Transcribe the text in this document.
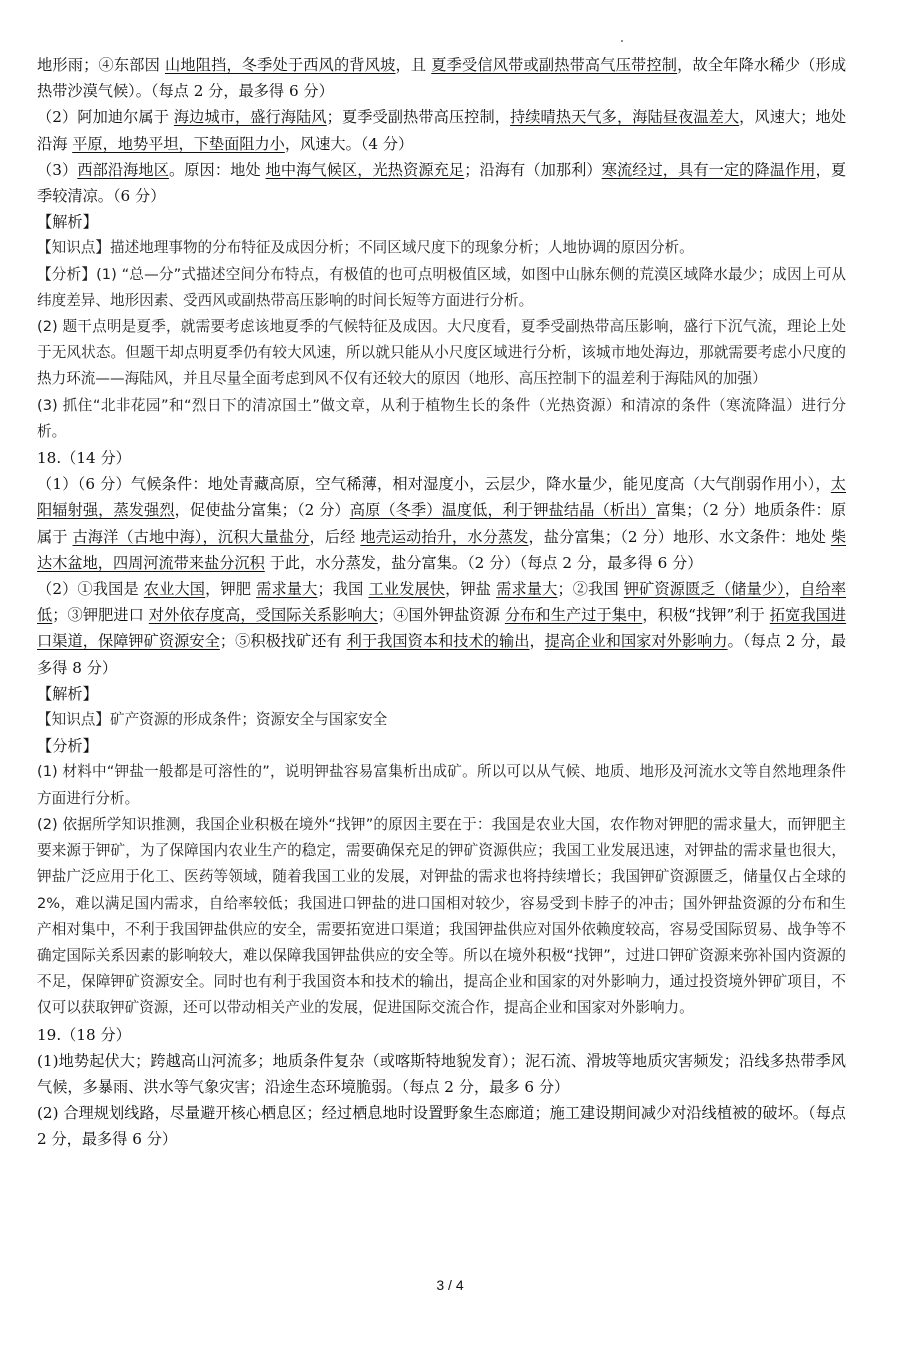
地形雨；④东部因 山地阻挡，冬季处于西风的背风坡，且 夏季受信风带或副热带高气压带控制，故全年降水稀少（形成热带沙漠气候）。（每点 2 分，最多得 6 分）
（2）阿加迪尔属于 海边城市，盛行海陆风；夏季受副热带高压控制，持续晴热天气多，海陆昼夜温差大，风速大；地处沿海 平原，地势平坦，下垫面阻力小，风速大。（4 分）
（3）西部沿海地区。原因：地处 地中海气候区，光热资源充足；沿海有（加那利）寒流经过，具有一定的降温作用，夏季较清凉。（6 分）
【解析】
【知识点】描述地理事物的分布特征及成因分析；不同区域尺度下的现象分析；人地协调的原因分析。
【分析】(1) “总—分”式描述空间分布特点，有极值的也可点明极值区域，如图中山脉东侧的荒漠区域降水最少；成因上可从纬度差异、地形因素、受西风或副热带高压影响的时间长短等方面进行分析。
(2) 题干点明是夏季，就需要考虑该地夏季的气候特征及成因。大尺度看，夏季受副热带高压影响，盛行下沉气流，理论上处于无风状态。但题干却点明夏季仍有较大风速，所以就只能从小尺度区域进行分析，该城市地处海边，那就需要考虑小尺度的热力环流——海陆风，并且尽量全面考虑到风不仅有还较大的原因（地形、高压控制下的温差利于海陆风的加强）
(3) 抓住“北非花园”和“烈日下的清凉国土”做文章，从利于植物生长的条件（光热资源）和清凉的条件（寒流降温）进行分析。
18.（14 分）
（1）（6 分）气候条件：地处青藏高原，空气稀薄，相对湿度小，云层少，降水量少，能见度高（大气削弱作用小），太阳辐射强，蒸发强烈，促使盐分富集；（2 分）高原（冬季）温度低，利于钾盐结晶（析出）富集；（2 分）地质条件：原属于 古海洋（古地中海），沉积大量盐分，后经 地壳运动抬升，水分蒸发，盐分富集；（2 分）地形、水文条件：地处 柴达木盆地，四周河流带来盐分沉积 于此，水分蒸发，盐分富集。（2 分）（每点 2 分，最多得 6 分）
（2）①我国是 农业大国，钾肥 需求量大；我国 工业发展快，钾盐 需求量大；②我国 钾矿资源匮乏（储量少），自给率低；③钾肥进口 对外依存度高，受国际关系影响大；④国外钾盐资源 分布和生产过于集中，积极“找钾”利于 拓宽我国进口渠道，保障钾矿资源安全；⑤积极找矿还有 利于我国资本和技术的输出，提高企业和国家对外影响力。（每点 2 分，最多得 8 分）
【解析】
【知识点】矿产资源的形成条件；资源安全与国家安全
【分析】
(1) 材料中“钾盐一般都是可溶性的”，说明钾盐容易富集析出成矿。所以可以从气候、地质、地形及河流水文等自然地理条件方面进行分析。
(2) 依据所学知识推测，我国企业积极在境外“找钾”的原因主要在于：我国是农业大国，农作物对钾肥的需求量大，而钾肥主要来源于钾矿，为了保障国内农业生产的稳定，需要确保充足的钾矿资源供应；我国工业发展迅速，对钾盐的需求量也很大，钾盐广泛应用于化工、医药等领域，随着我国工业的发展，对钾盐的需求也将持续增长；我国钾矿资源匮乏，储量仅占全球的 2%，难以满足国内需求，自给率较低；我国进口钾盐的进口国相对较少，容易受到卡脖子的冲击；国外钾盐资源的分布和生产相对集中，不利于我国钾盐供应的安全，需要拓宽进口渠道；我国钾盐供应对国外依赖度较高，容易受国际贸易、战争等不确定国际关系因素的影响较大，难以保障我国钾盐供应的安全等。所以在境外积极“找钾”，过进口钾矿资源来弥补国内资源的不足，保障钾矿资源安全。同时也有利于我国资本和技术的输出，提高企业和国家的对外影响力，通过投资境外钾矿项目，不仅可以获取钾矿资源，还可以带动相关产业的发展，促进国际交流合作，提高企业和国家对外影响力。
19.（18 分）
(1)地势起伏大；跨越高山河流多；地质条件复杂（或喀斯特地貌发育）；泥石流、滑坡等地质灾害频发；沿线多热带季风气候，多暴雨、洪水等气象灾害；沿途生态环境脆弱。（每点 2 分，最多 6 分）
(2) 合理规划线路，尽量避开核心栖息区；经过栖息地时设置野象生态廊道；施工建设期间减少对沿线植被的破坏。（每点 2 分，最多得 6 分）
3 / 4
